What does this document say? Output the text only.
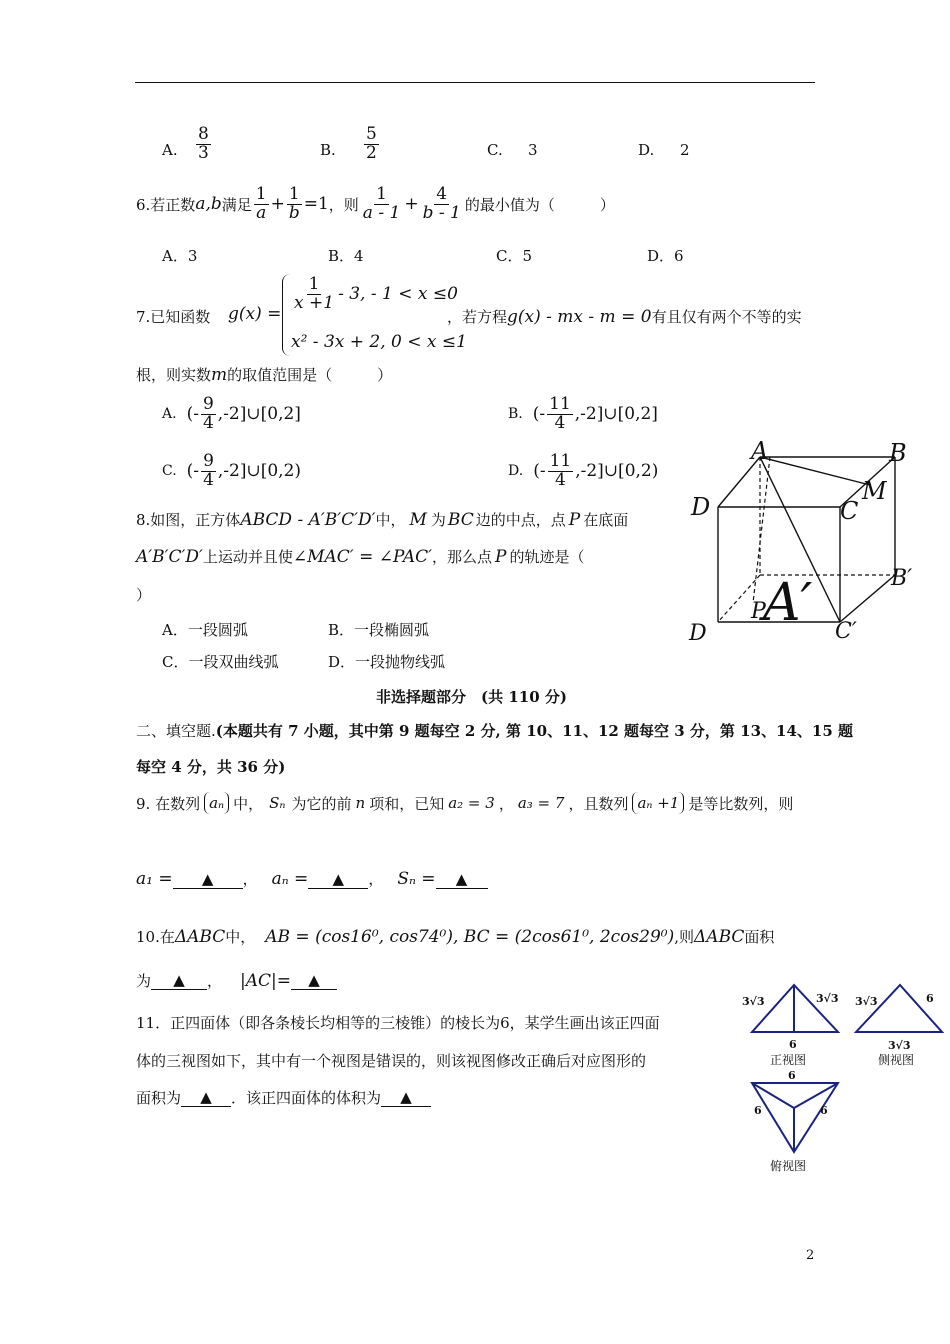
A. $\frac{8}{3}$	B. $\frac{5}{2}$	C. 3	D. 2
6.若正数 a,b 满足 $\frac{1}{a} + \frac{1}{b} =1$ ，则 $\frac{1}{a - 1} + \frac{4}{b - 1}$ 的最小值为（　　　）
A．3	B．4	C．5	D．6
7.已知函数 g(x) =
$\frac{1}{x +1} - 3$, - 1 < x ≤0
x² - 3x + 2, 0 < x ≤1
，若方程 g(x) - mx - m = 0 有且仅有两个不等的实
根，则实数 m 的取值范围是（　　　）
A. (- $\frac{9}{4}$ ,-2]∪[0,2]	B. (- $\frac{11}{4}$ ,-2]∪[0,2]
C. (- $\frac{9}{4}$ ,-2]∪[0,2)	D. (- $\frac{11}{4}$ ,-2]∪[0,2)
8.如图，正方体 ABCD - A′B′C′D′ 中， M 为 BC 边的中点，点 P 在底面
A′B′C′D′ 上运动并且使 ∠MAC′ = ∠PAC′ ，那么点 P 的轨迹是（
）
A．一段圆弧	B．一段椭圆弧
C．一段双曲线弧	D．一段抛物线弧
A	B
M
C
D
B′
C′
D
A′
P
非选择题部分　(共 110 分)
二、填空题.(本题共有 7 小题，其中第 9 题每空 2 分, 第 10、11、12 题每空 3 分，第 13、14、15 题
每空 4 分，共 36 分)
9. 在数列 aₙ 中， Sₙ 为它的前 n 项和，已知 a₂ = 3 ， a₃ = 7 ，且数列 aₙ +1 是等比数列，则
a₁ =	▲	， aₙ =	▲	， Sₙ =	▲
10.在 ΔABC 中， AB = (cos16⁰, cos74⁰), BC = (2cos61⁰, 2cos29⁰) ,则 ΔABC 面积
为	▲	， |AC| =	▲
11．正四面体（即各条棱长均相等的三棱锥）的棱长为6，某学生画出该正四面
体的三视图如下，其中有一个视图是错误的，则该视图修改正确后对应图形的
面积为	▲	．该正四面体的体积为	▲
3√3	3√3
6
3√3	6
3√3
6
6	6
正视图	侧视图
俯视图
2
